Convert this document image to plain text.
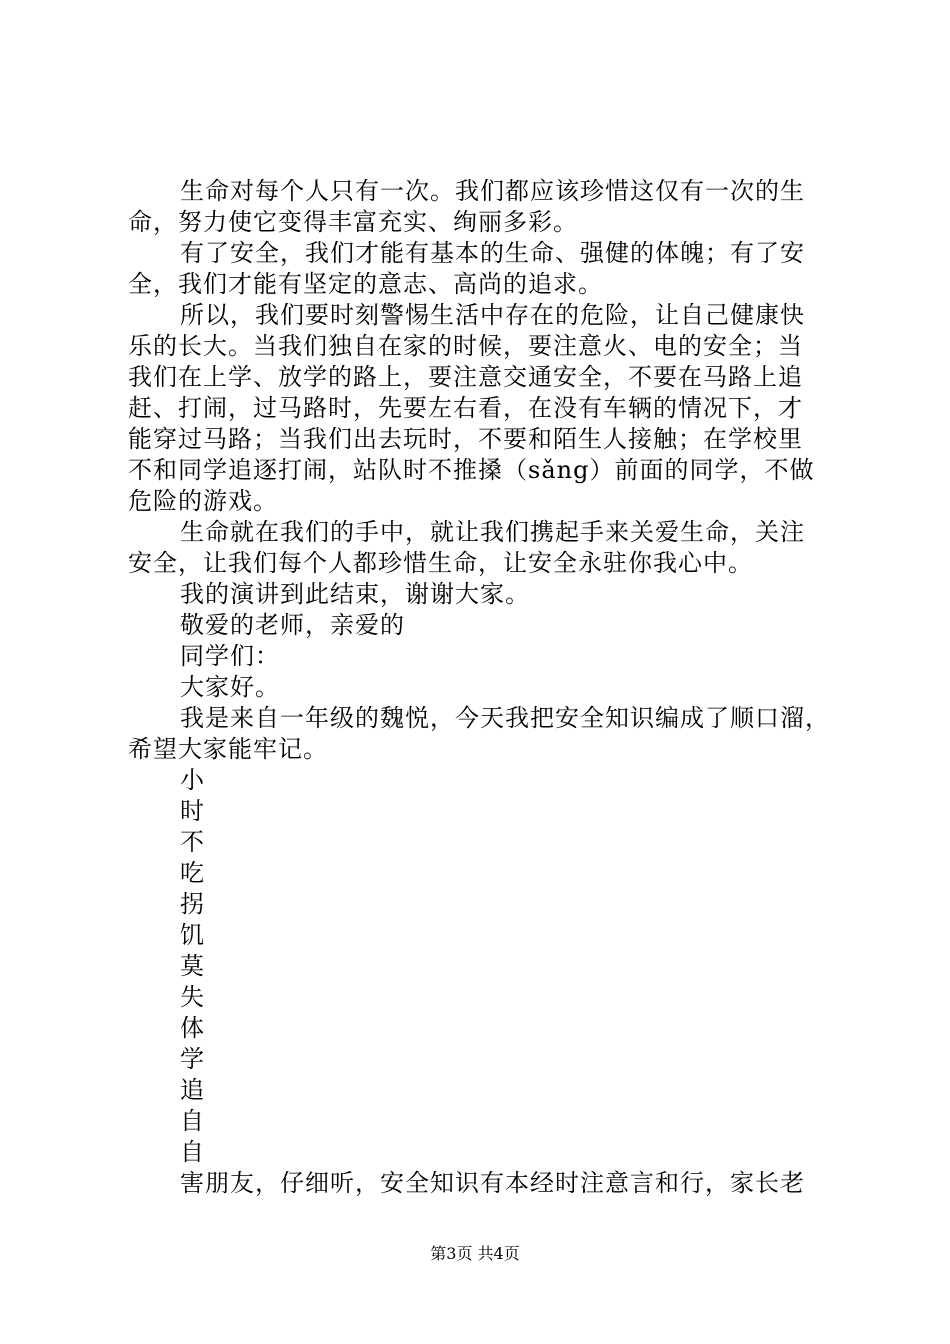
生命对每个人只有一次。我们都应该珍惜这仅有一次的生
命，努力使它变得丰富充实、绚丽多彩。
有了安全，我们才能有基本的生命、强健的体魄；有了安
全，我们才能有坚定的意志、高尚的追求。
所以，我们要时刻警惕生活中存在的危险，让自己健康快
乐的长大。当我们独自在家的时候，要注意火、电的安全；当
我们在上学、放学的路上，要注意交通安全，不要在马路上追
赶、打闹，过马路时，先要左右看，在没有车辆的情况下，才
能穿过马路；当我们出去玩时，不要和陌生人接触；在学校里
不和同学追逐打闹，站队时不推搡（sǎng）前面的同学，不做
危险的游戏。
生命就在我们的手中，就让我们携起手来关爱生命，关注
安全，让我们每个人都珍惜生命，让安全永驻你我心中。
我的演讲到此结束，谢谢大家。
敬爱的老师，亲爱的
同学们：
大家好。
我是来自一年级的魏悦，今天我把安全知识编成了顺口溜，
希望大家能牢记。
小
时
不
吃
拐
饥
莫
失
体
学
追
自
自
害朋友，仔细听，安全知识有本经时注意言和行，家长老
第3页 共4页
